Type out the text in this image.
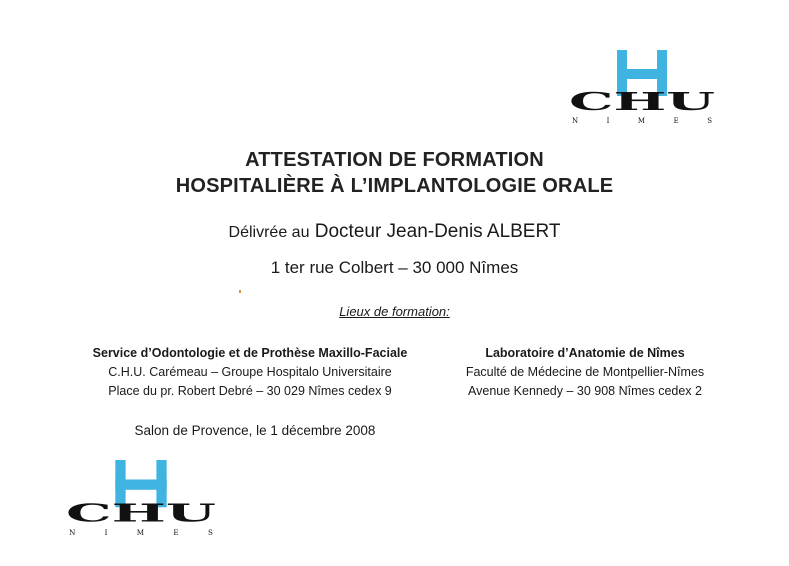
CHU
N I M E S
ATTESTATION DE FORMATION
HOSPITALIÈRE À L’IMPLANTOLOGIE ORALE
Délivrée au Docteur Jean-Denis ALBERT
1 ter rue Colbert – 30 000 Nîmes
Lieux de formation:
Service d’Odontologie et de Prothèse Maxillo-Faciale
C.H.U. Carémeau – Groupe Hospitalo Universitaire
Place du pr. Robert Debré – 30 029 Nîmes cedex 9
Laboratoire d’Anatomie de Nîmes
Faculté de Médecine de Montpellier-Nîmes
Avenue Kennedy – 30 908 Nîmes cedex 2
Salon de Provence, le 1 décembre 2008
CHU
N I M E S
